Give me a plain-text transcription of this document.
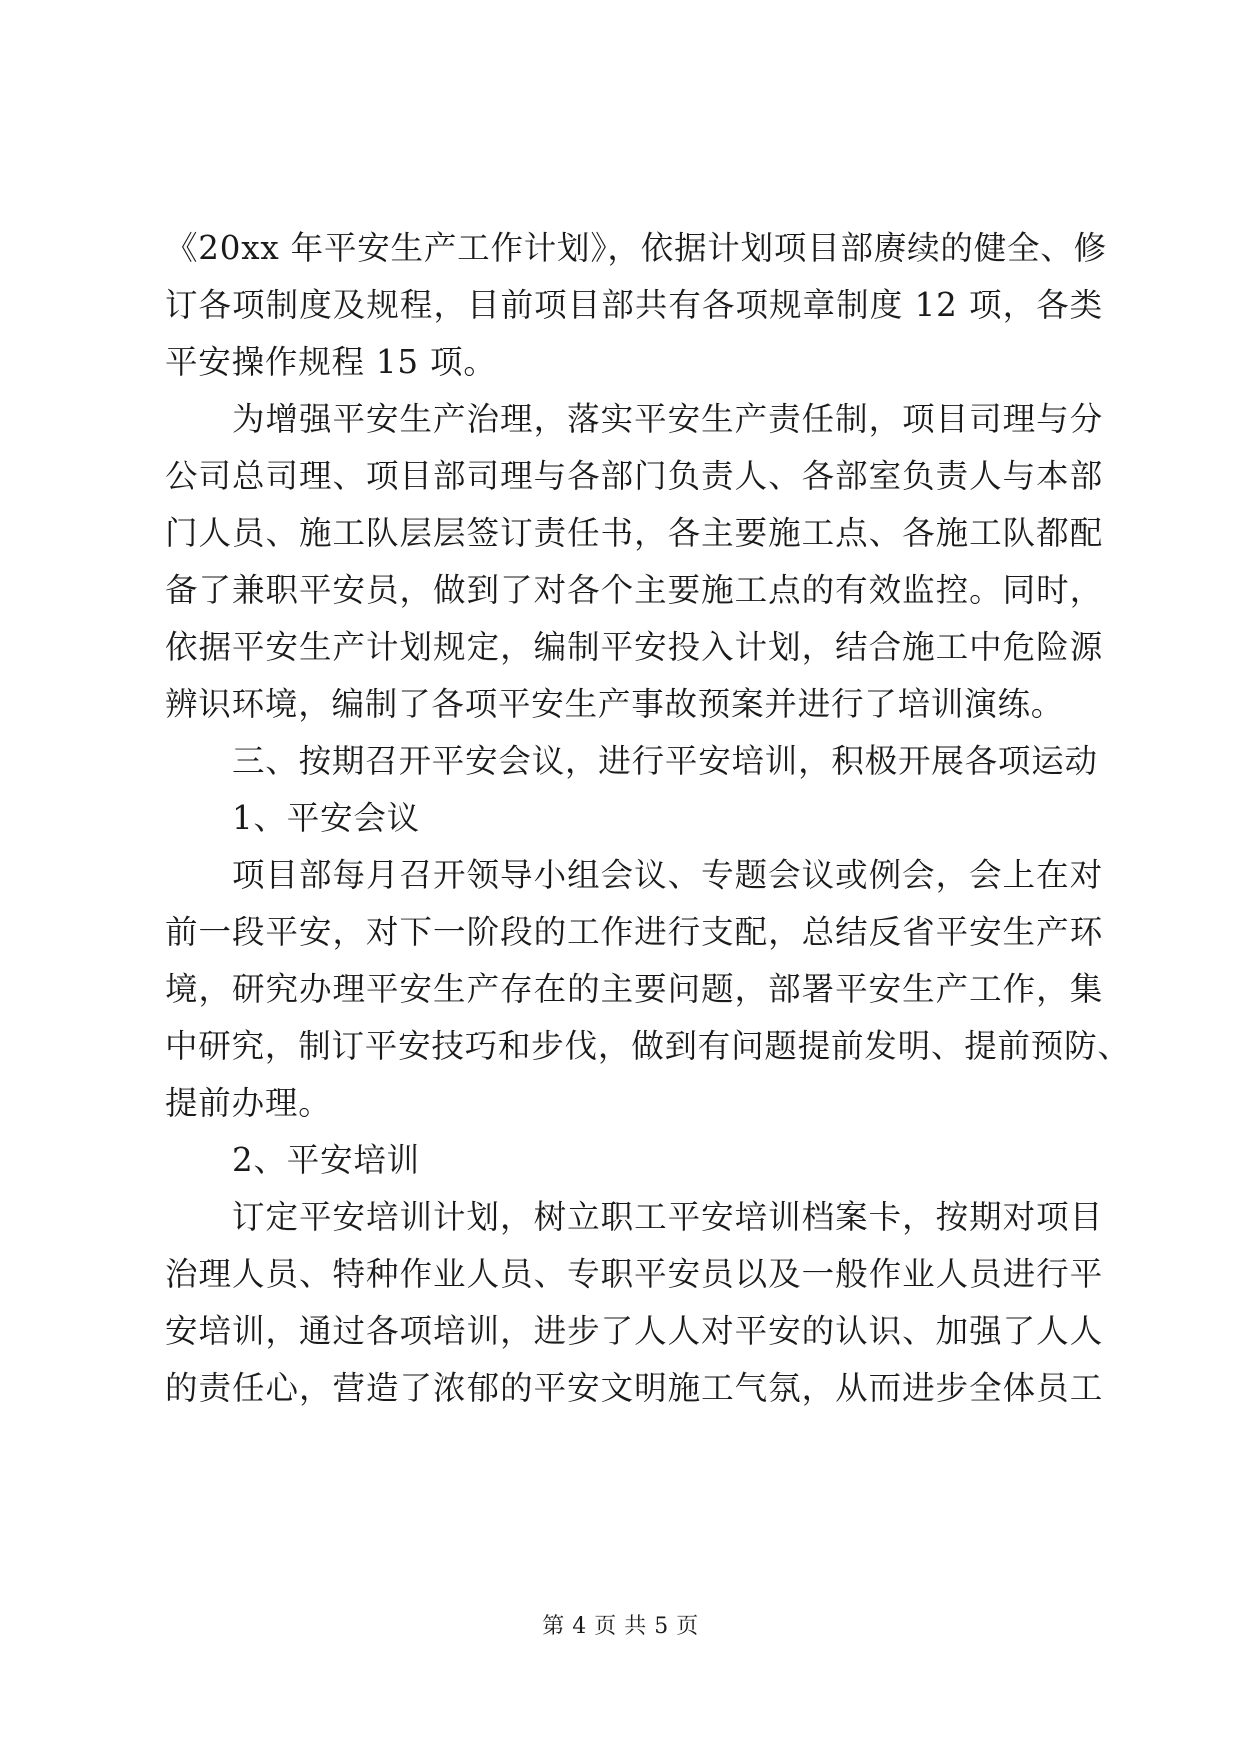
《20xx 年平安生产工作计划》，依据计划项目部赓续的健全、修
订各项制度及规程，目前项目部共有各项规章制度 12 项，各类
平安操作规程 15 项。
为增强平安生产治理，落实平安生产责任制，项目司理与分
公司总司理、项目部司理与各部门负责人、各部室负责人与本部
门人员、施工队层层签订责任书，各主要施工点、各施工队都配
备了兼职平安员，做到了对各个主要施工点的有效监控。同时，
依据平安生产计划规定，编制平安投入计划，结合施工中危险源
辨识环境，编制了各项平安生产事故预案并进行了培训演练。
三、按期召开平安会议，进行平安培训，积极开展各项运动
1、平安会议
项目部每月召开领导小组会议、专题会议或例会，会上在对
前一段平安，对下一阶段的工作进行支配，总结反省平安生产环
境，研究办理平安生产存在的主要问题，部署平安生产工作，集
中研究，制订平安技巧和步伐，做到有问题提前发明、提前预防、
提前办理。
2、平安培训
订定平安培训计划，树立职工平安培训档案卡，按期对项目
治理人员、特种作业人员、专职平安员以及一般作业人员进行平
安培训，通过各项培训，进步了人人对平安的认识、加强了人人
的责任心，营造了浓郁的平安文明施工气氛，从而进步全体员工
第 4 页 共 5 页
